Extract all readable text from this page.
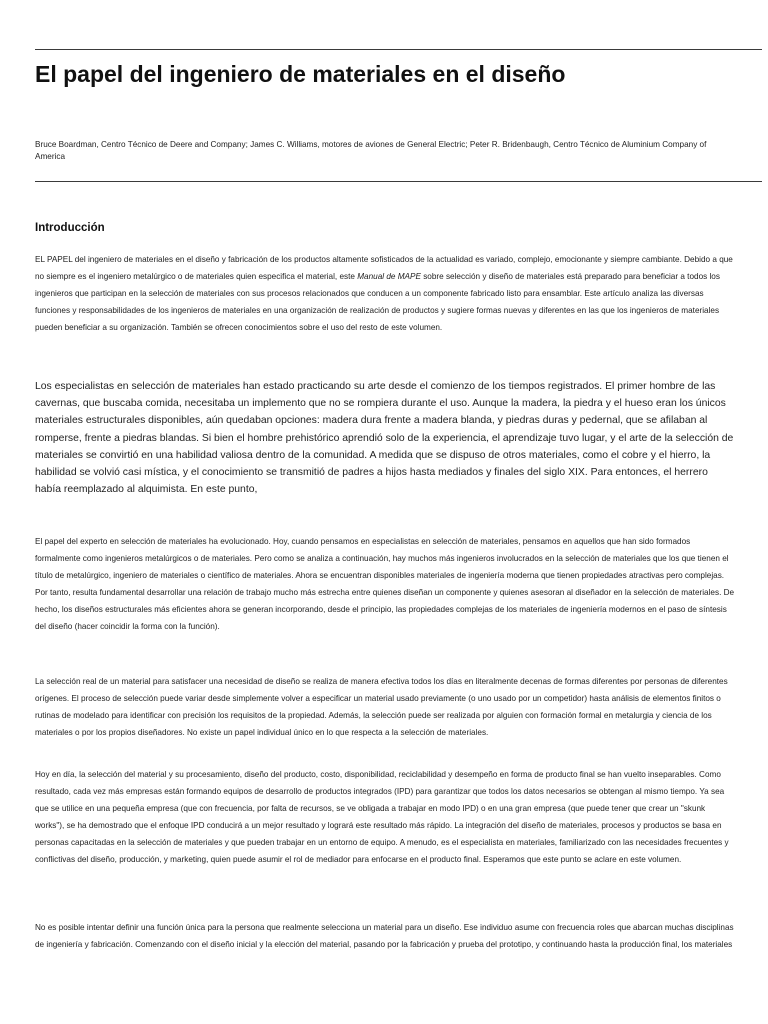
El papel del ingeniero de materiales en el diseño

Bruce Boardman, Centro Técnico de Deere and Company; James C. Williams, motores de aviones de General Electric; Peter R. Bridenbaugh, Centro Técnico de Aluminium Company of America

Introducción

EL PAPEL del ingeniero de materiales en el diseño y fabricación de los productos altamente sofisticados de la actualidad es variado, complejo, emocionante y siempre cambiante. Debido a que no siempre es el ingeniero metalúrgico o de materiales quien especifica el material, este Manual de MAPE sobre selección y diseño de materiales está preparado para beneficiar a todos los ingenieros que participan en la selección de materiales con sus procesos relacionados que conducen a un componente fabricado listo para ensamblar. Este artículo analiza las diversas funciones y responsabilidades de los ingenieros de materiales en una organización de realización de productos y sugiere formas nuevas y diferentes en las que los ingenieros de materiales pueden beneficiar a su organización. También se ofrecen conocimientos sobre el uso del resto de este volumen.

Los especialistas en selección de materiales han estado practicando su arte desde el comienzo de los tiempos registrados. El primer hombre de las cavernas, que buscaba comida, necesitaba un implemento que no se rompiera durante el uso. Aunque la madera, la piedra y el hueso eran los únicos materiales estructurales disponibles, aún quedaban opciones: madera dura frente a madera blanda, y piedras duras y pedernal, que se afilaban al romperse, frente a piedras blandas. Si bien el hombre prehistórico aprendió solo de la experiencia, el aprendizaje tuvo lugar, y el arte de la selección de materiales se convirtió en una habilidad valiosa dentro de la comunidad. A medida que se dispuso de otros materiales, como el cobre y el hierro, la habilidad se volvió casi mística, y el conocimiento se transmitió de padres a hijos hasta mediados y finales del siglo XIX. Para entonces, el herrero había reemplazado al alquimista. En este punto,

El papel del experto en selección de materiales ha evolucionado. Hoy, cuando pensamos en especialistas en selección de materiales, pensamos en aquellos que han sido formados formalmente como ingenieros metalúrgicos o de materiales. Pero como se analiza a continuación, hay muchos más ingenieros involucrados en la selección de materiales que los que tienen el título de metalúrgico, ingeniero de materiales o científico de materiales. Ahora se encuentran disponibles materiales de ingeniería moderna que tienen propiedades atractivas pero complejas. Por tanto, resulta fundamental desarrollar una relación de trabajo mucho más estrecha entre quienes diseñan un componente y quienes asesoran al diseñador en la selección de materiales. De hecho, los diseños estructurales más eficientes ahora se generan incorporando, desde el principio, las propiedades complejas de los materiales de ingeniería modernos en el paso de síntesis del diseño (hacer coincidir la forma con la función).

La selección real de un material para satisfacer una necesidad de diseño se realiza de manera efectiva todos los días en literalmente decenas de formas diferentes por personas de diferentes orígenes. El proceso de selección puede variar desde simplemente volver a especificar un material usado previamente (o uno usado por un competidor) hasta análisis de elementos finitos o rutinas de modelado para identificar con precisión los requisitos de la propiedad. Además, la selección puede ser realizada por alguien con formación formal en metalurgia y ciencia de los materiales o por los propios diseñadores. No existe un papel individual único en lo que respecta a la selección de materiales.

Hoy en día, la selección del material y su procesamiento, diseño del producto, costo, disponibilidad, reciclabilidad y desempeño en forma de producto final se han vuelto inseparables. Como resultado, cada vez más empresas están formando equipos de desarrollo de productos integrados (IPD) para garantizar que todos los datos necesarios se obtengan al mismo tiempo. Ya sea que se utilice en una pequeña empresa (que con frecuencia, por falta de recursos, se ve obligada a trabajar en modo IPD) o en una gran empresa (que puede tener que crear un "skunk works"), se ha demostrado que el enfoque IPD conducirá a un mejor resultado y logrará este resultado más rápido. La integración del diseño de materiales, procesos y productos se basa en personas capacitadas en la selección de materiales y que pueden trabajar en un entorno de equipo. A menudo, es el especialista en materiales, familiarizado con las necesidades frecuentes y conflictivas del diseño, producción, y marketing, quien puede asumir el rol de mediador para enfocarse en el producto final. Esperamos que este punto se aclare en este volumen.

No es posible intentar definir una función única para la persona que realmente selecciona un material para un diseño. Ese individuo asume con frecuencia roles que abarcan muchas disciplinas de ingeniería y fabricación. Comenzando con el diseño inicial y la elección del material, pasando por la fabricación y prueba del prototipo, y continuando hasta la producción final, los materiales
